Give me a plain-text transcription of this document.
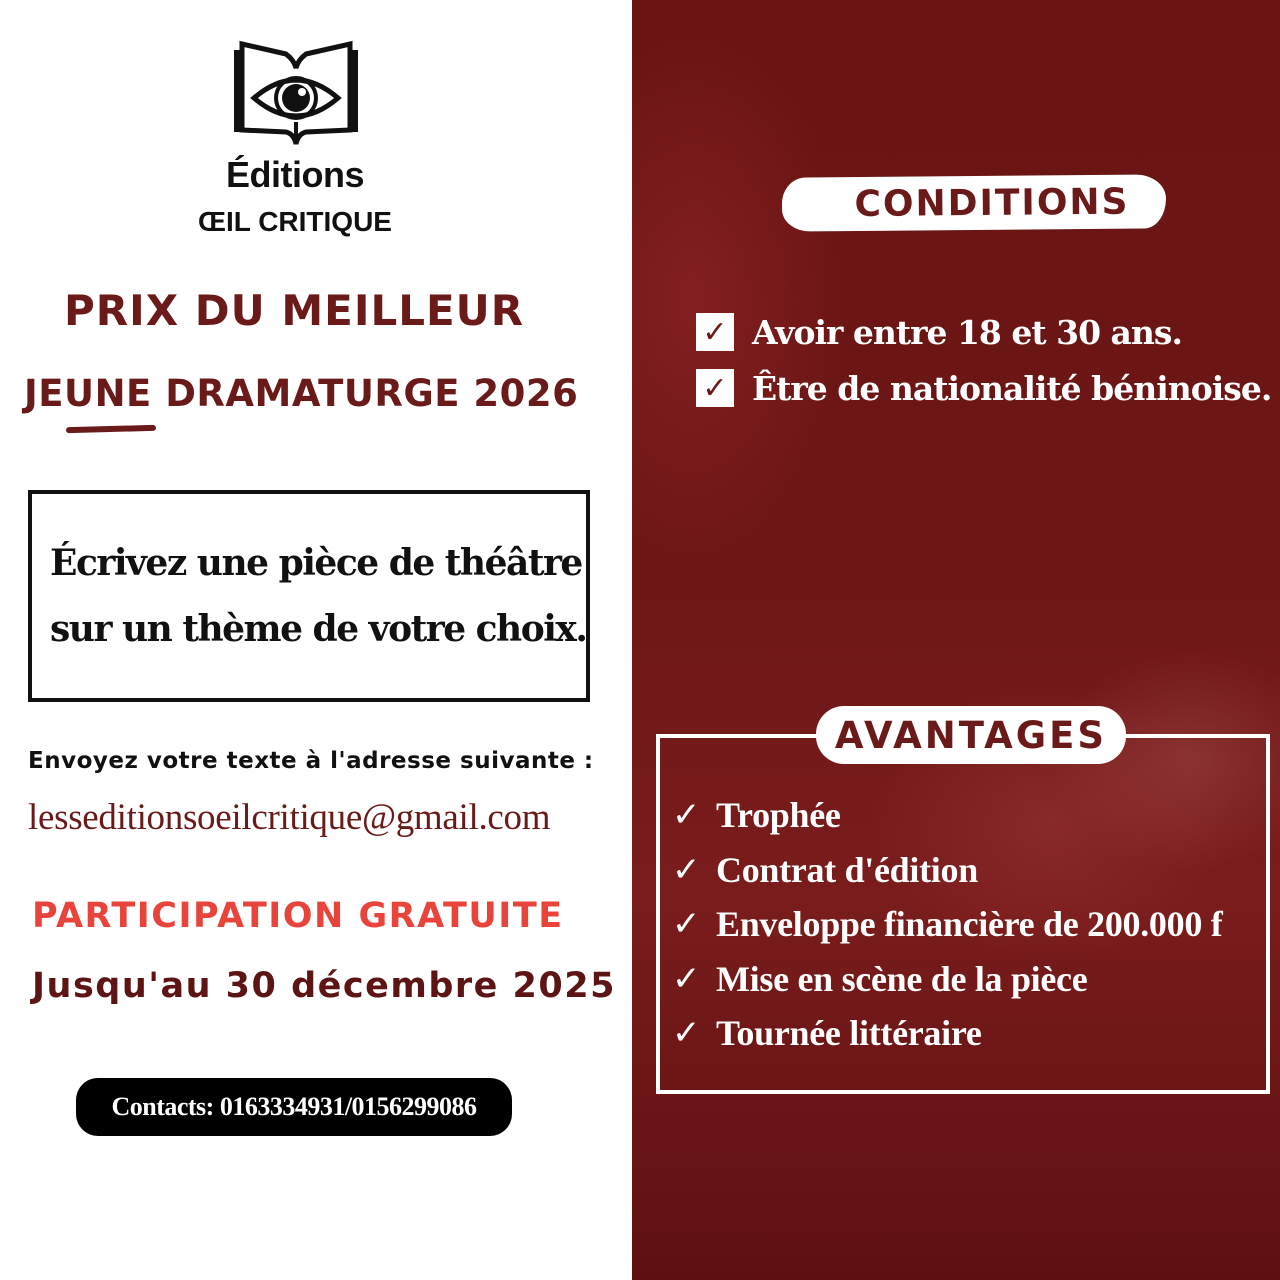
Éditions
ŒIL CRITIQUE
PRIX DU MEILLEUR
JEUNE DRAMATURGE 2026
Écrivez une pièce de théâtre
sur un thème de votre choix.
Envoyez votre texte à l'adresse suivante :
lesseditionsoeilcritique@gmail.com
PARTICIPATION GRATUITE
Jusqu'au 30 décembre 2025
Contacts: 0163334931/0156299086
CONDITIONS
✓ Avoir entre 18 et 30 ans.
✓ Être de nationalité béninoise.
AVANTAGES
✓ Trophée
✓ Contrat d'édition
✓ Enveloppe financière de 200.000 f
✓ Mise en scène de la pièce
✓ Tournée littéraire
